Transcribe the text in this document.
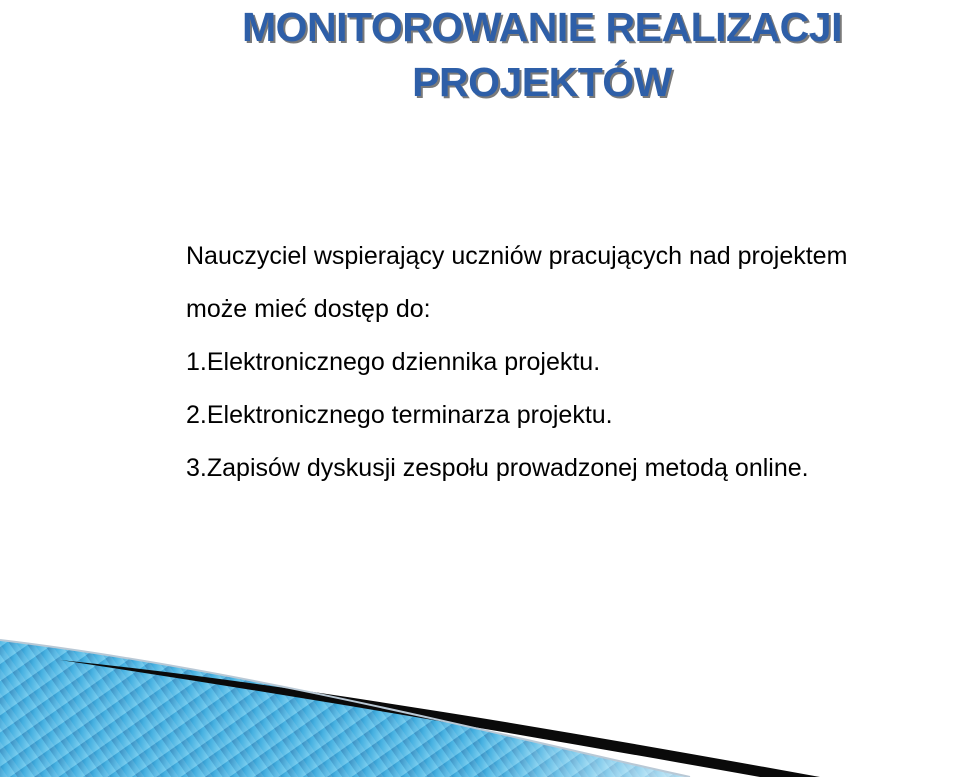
MONITOROWANIE REALIZACJI
PROJEKTÓW

Nauczyciel wspierający uczniów pracujących nad projektem
może mieć dostęp do:

1.Elektronicznego dziennika projektu.
2.Elektronicznego terminarza projektu.
3.Zapisów dyskusji zespołu prowadzonej metodą online.
